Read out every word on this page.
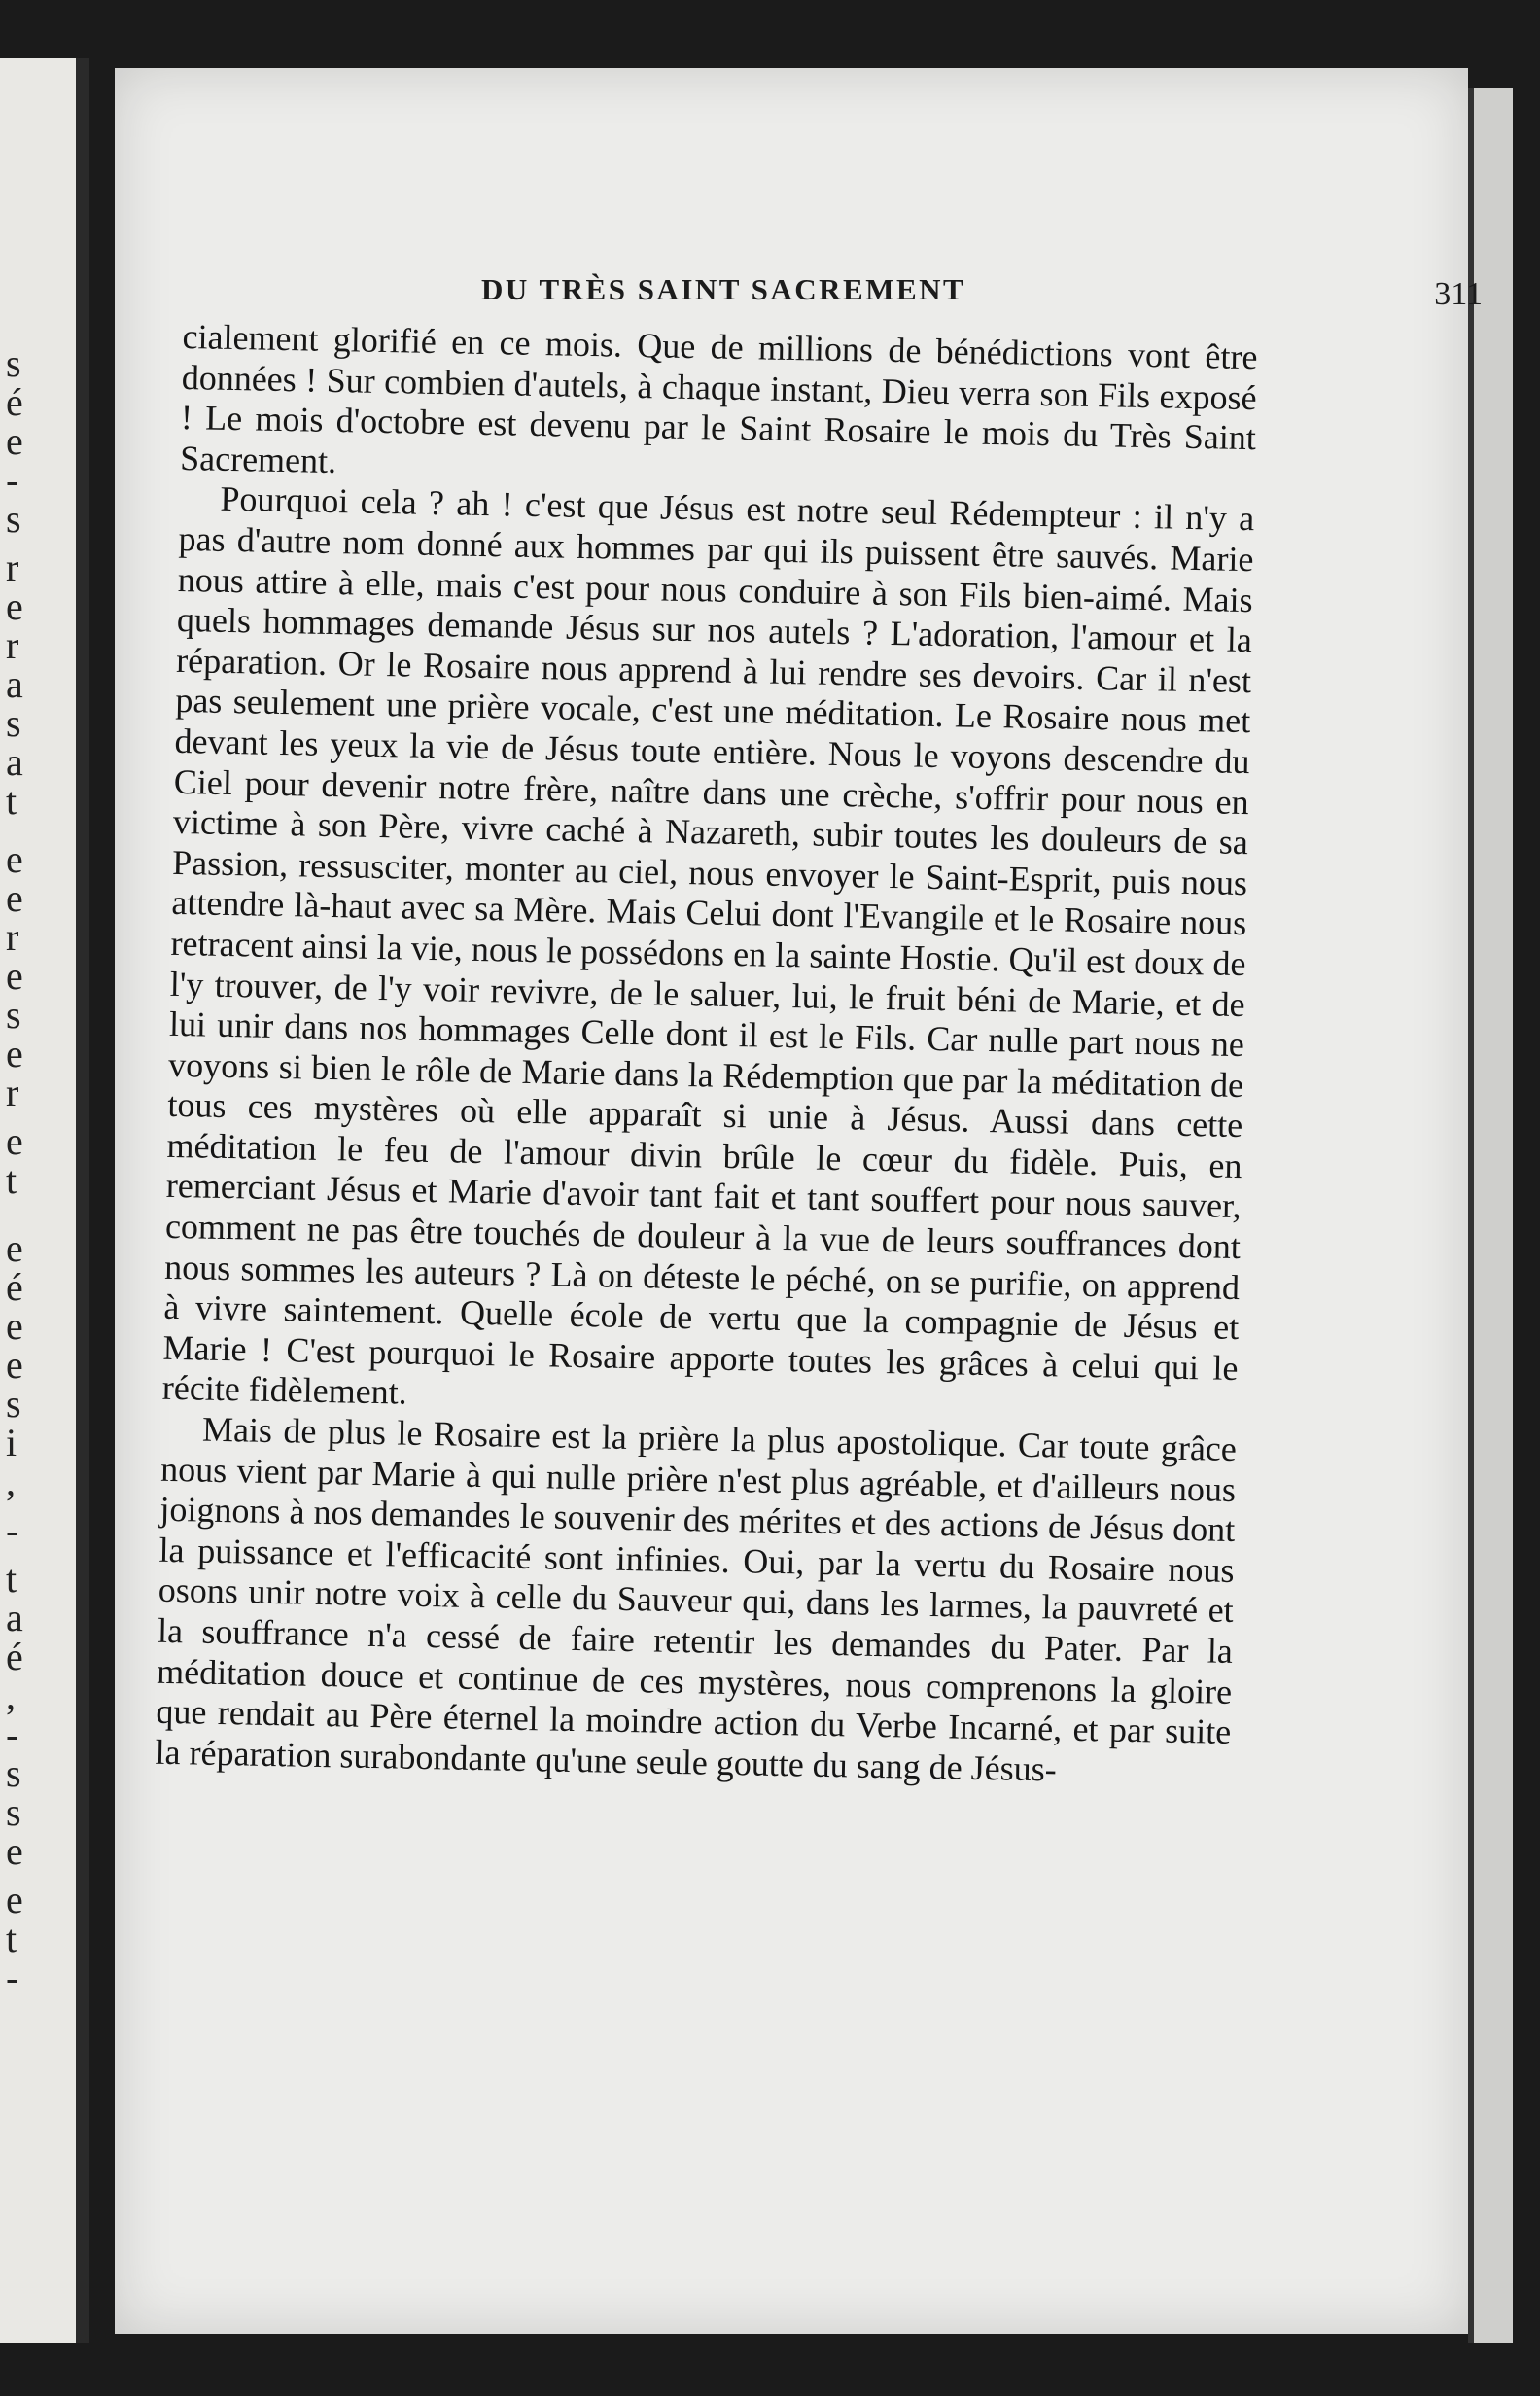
s
é
e
-
s
r
e
r
a
s
a
t
e
e
r
e
s
e
r
e
t
e
é
e
e
s
i
,
-
t
a
é
,
-
s
s
e
e
t
-
DU TRÈS SAINT SACREMENT	311

cialement glorifié en ce mois. Que de millions de bénédictions vont être données ! Sur combien d'autels, à chaque instant, Dieu verra son Fils exposé ! Le mois d'octobre est devenu par le Saint Rosaire le mois du Très Saint Sacrement.

Pourquoi cela ? ah ! c'est que Jésus est notre seul Rédempteur : il n'y a pas d'autre nom donné aux hommes par qui ils puissent être sauvés. Marie nous attire à elle, mais c'est pour nous conduire à son Fils bien-aimé. Mais quels hommages demande Jésus sur nos autels ? L'adoration, l'amour et la réparation. Or le Rosaire nous apprend à lui rendre ses devoirs. Car il n'est pas seulement une prière vocale, c'est une méditation. Le Rosaire nous met devant les yeux la vie de Jésus toute entière. Nous le voyons descendre du Ciel pour devenir notre frère, naître dans une crèche, s'offrir pour nous en victime à son Père, vivre caché à Nazareth, subir toutes les douleurs de sa Passion, ressusciter, monter au ciel, nous envoyer le Saint-Esprit, puis nous attendre là-haut avec sa Mère. Mais Celui dont l'Evangile et le Rosaire nous retracent ainsi la vie, nous le possédons en la sainte Hostie. Qu'il est doux de l'y trouver, de l'y voir revivre, de le saluer, lui, le fruit béni de Marie, et de lui unir dans nos hommages Celle dont il est le Fils. Car nulle part nous ne voyons si bien le rôle de Marie dans la Rédemption que par la méditation de tous ces mystères où elle apparaît si unie à Jésus. Aussi dans cette méditation le feu de l'amour divin brûle le cœur du fidèle. Puis, en remerciant Jésus et Marie d'avoir tant fait et tant souffert pour nous sauver, comment ne pas être touchés de douleur à la vue de leurs souffrances dont nous sommes les auteurs ? Là on déteste le péché, on se purifie, on apprend à vivre saintement. Quelle école de vertu que la compagnie de Jésus et Marie ! C'est pourquoi le Rosaire apporte toutes les grâces à celui qui le récite fidèlement.

Mais de plus le Rosaire est la prière la plus apostolique. Car toute grâce nous vient par Marie à qui nulle prière n'est plus agréable, et d'ailleurs nous joignons à nos demandes le souvenir des mérites et des actions de Jésus dont la puissance et l'efficacité sont infinies. Oui, par la vertu du Rosaire nous osons unir notre voix à celle du Sauveur qui, dans les larmes, la pauvreté et la souffrance n'a cessé de faire retentir les demandes du Pater. Par la méditation douce et continue de ces mystères, nous comprenons la gloire que rendait au Père éternel la moindre action du Verbe Incarné, et par suite la réparation surabondante qu'une seule goutte du sang de Jésus-
